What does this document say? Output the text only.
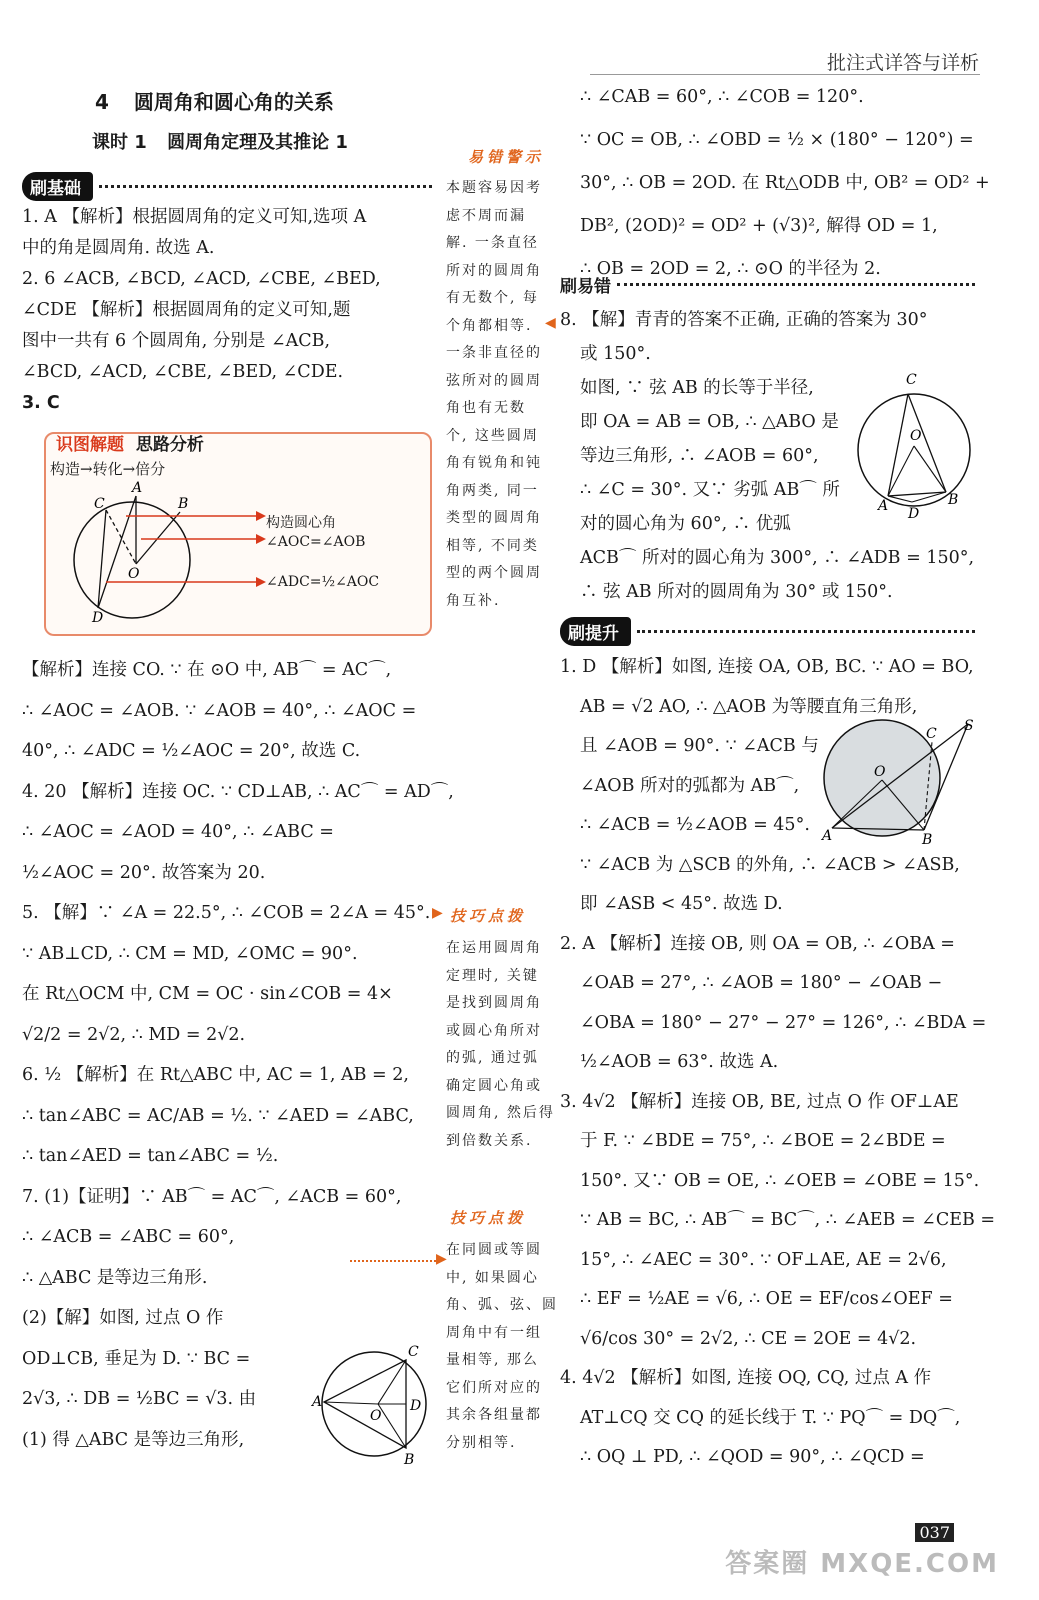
批注式详答与详析
4 圆周角和圆心角的关系
课时 1 圆周角定理及其推论 1
刷基础

1. A 【解析】根据圆周角的定义可知,选项 A

中的角是圆周角. 故选 A.

2. 6 ∠ACB, ∠BCD, ∠ACD, ∠CBE, ∠BED,

∠CDE 【解析】根据圆周角的定义可知,题

图中一共有 6 个圆周角, 分别是 ∠ACB,

∠BCD, ∠ACD, ∠CBE, ∠BED, ∠CDE.

3. C

识图解题 思路分析
构造→转化→倍分
C
A
B
O
D
构造圆心角
∠AOC=∠AOB
∠ADC=½∠AOC

【解析】连接 CO. ∵ 在 ⊙O 中, AB⌒ = AC⌒,

∴ ∠AOC = ∠AOB. ∵ ∠AOB = 40°, ∴ ∠AOC =

40°, ∴ ∠ADC = ½∠AOC = 20°, 故选 C.

4. 20 【解析】连接 OC. ∵ CD⊥AB, ∴ AC⌒ = AD⌒,

∴ ∠AOC = ∠AOD = 40°, ∴ ∠ABC =

½∠AOC = 20°. 故答案为 20.

5. 【解】∵ ∠A = 22.5°, ∴ ∠COB = 2∠A = 45°.

∵ AB⊥CD, ∴ CM = MD, ∠OMC = 90°.

在 Rt△OCM 中, CM = OC · sin∠COB = 4×

√2/2 = 2√2, ∴ MD = 2√2.

6. ½ 【解析】在 Rt△ABC 中, AC = 1, AB = 2,

∴ tan∠ABC = AC/AB = ½. ∵ ∠AED = ∠ABC,

∴ tan∠AED = tan∠ABC = ½.

7. (1)【证明】∵ AB⌒ = AC⌒, ∠ACB = 60°,

∴ ∠ACB = ∠ABC = 60°,

∴ △ABC 是等边三角形.

(2)【解】如图, 过点 O 作

OD⊥CB, 垂足为 D. ∵ BC =

2√3, ∴ DB = ½BC = √3. 由

(1) 得 △ABC 是等边三角形,

A
C
B
O
D
易错警示

本题容易因考

虑不周而漏

解. 一条直径

所对的圆周角

有无数个, 每

个角都相等.

一条非直径的

弦所对的圆周

角也有无数

个, 这些圆周

角有锐角和钝

角两类, 同一

类型的圆周角

相等, 不同类

型的两个圆周

角互补.

◀
▶ 技巧点拨

在运用圆周角

定理时, 关键

是找到圆周角

或圆心角所对

的弧, 通过弧

确定圆心角或

圆周角, 然后得

到倍数关系.

技巧点拨
▶

在同圆或等圆

中, 如果圆心

角、弧、弦、圆

周角中有一组

量相等, 那么

它们所对应的

其余各组量都

分别相等.

∴ ∠CAB = 60°, ∴ ∠COB = 120°.

∵ OC = OB, ∴ ∠OBD = ½ × (180° − 120°) =

30°, ∴ OB = 2OD. 在 Rt△ODB 中, OB² = OD² +

DB², (2OD)² = OD² + (√3)², 解得 OD = 1,

∴ OB = 2OD = 2, ∴ ⊙O 的半径为 2.

刷易错

8. 【解】青青的答案不正确, 正确的答案为 30°

或 150°.

如图, ∵ 弦 AB 的长等于半径,

即 OA = AB = OB, ∴ △ABO 是

等边三角形, ∴ ∠AOB = 60°,

∴ ∠C = 30°. 又∵ 劣弧 AB⌒ 所

对的圆心角为 60°, ∴ 优弧

ACB⌒ 所对的圆心角为 300°, ∴ ∠ADB = 150°,

∴ 弦 AB 所对的圆周角为 30° 或 150°.

C
O
A	B
D
刷提升

1. D 【解析】如图, 连接 OA, OB, BC. ∵ AO = BO,

AB = √2 AO, ∴ △AOB 为等腰直角三角形,

且 ∠AOB = 90°. ∵ ∠ACB 与

∠AOB 所对的弧都为 AB⌒,

∴ ∠ACB = ½∠AOB = 45°.

∵ ∠ACB 为 △SCB 的外角, ∴ ∠ACB > ∠ASB,

即 ∠ASB < 45°. 故选 D.

2. A 【解析】连接 OB, 则 OA = OB, ∴ ∠OBA =

∠OAB = 27°, ∴ ∠AOB = 180° − ∠OAB −

∠OBA = 180° − 27° − 27° = 126°, ∴ ∠BDA =

½∠AOB = 63°. 故选 A.

3. 4√2 【解析】连接 OB, BE, 过点 O 作 OF⊥AE

于 F. ∵ ∠BDE = 75°, ∴ ∠BOE = 2∠BDE =

150°. 又∵ OB = OE, ∴ ∠OEB = ∠OBE = 15°.

∵ AB = BC, ∴ AB⌒ = BC⌒, ∴ ∠AEB = ∠CEB =

15°, ∴ ∠AEC = 30°. ∵ OF⊥AE, AE = 2√6,

∴ EF = ½AE = √6, ∴ OE = EF/cos∠OEF =

√6/cos 30° = 2√2, ∴ CE = 2OE = 4√2.

4. 4√2 【解析】如图, 连接 OQ, CQ, 过点 A 作

AT⊥CQ 交 CQ 的延长线于 T. ∵ PQ⌒ = DQ⌒,

∴ OQ ⊥ PD, ∴ ∠QOD = 90°, ∴ ∠QCD =

A	B
C S
O
037
答案圈 MXQE.COM
